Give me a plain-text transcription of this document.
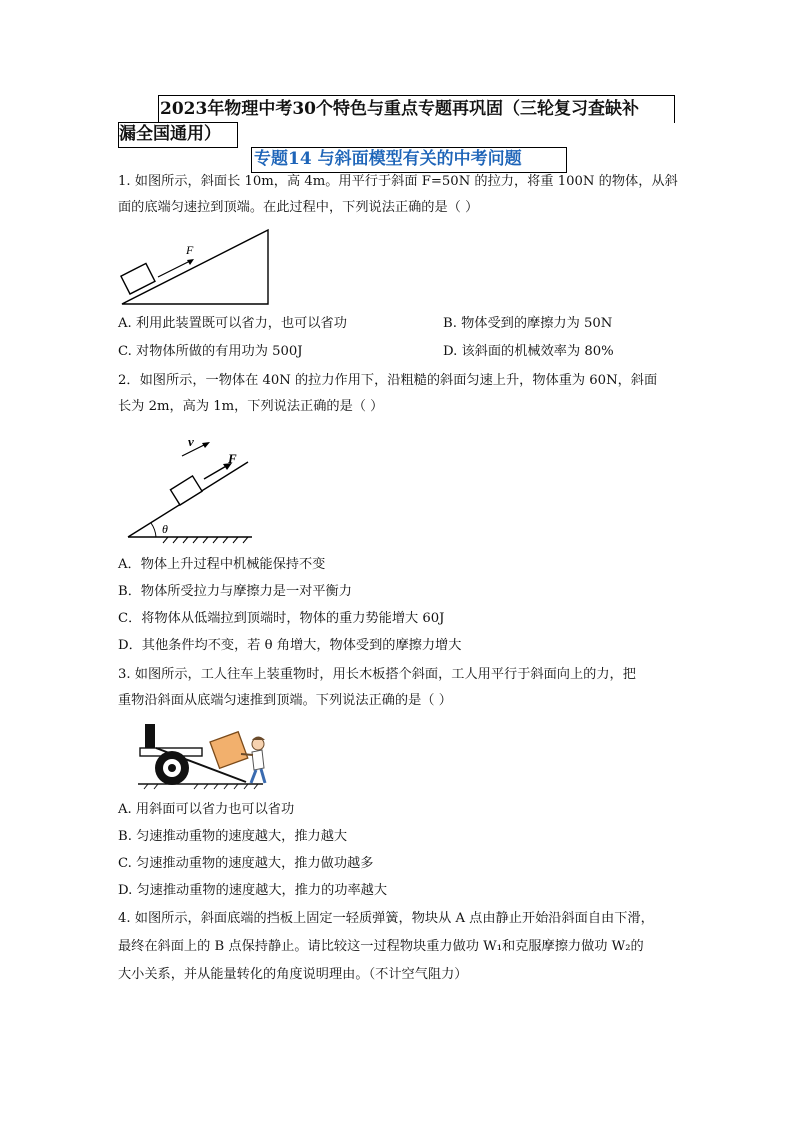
2023年物理中考30个特色与重点专题再巩固（三轮复习查缺补
漏全国通用）
专题14 与斜面模型有关的中考问题
1. 如图所示，斜面长 10m，高 4m。用平行于斜面 F=50N 的拉力，将重 100N 的物体，从斜
面的底端匀速拉到顶端。在此过程中，下列说法正确的是（ ）
F
A. 利用此装置既可以省力，也可以省功	B. 物体受到的摩擦力为 50N
C. 对物体所做的有用功为 500J	D. 该斜面的机械效率为 80%
2．如图所示，一物体在 40N 的拉力作用下，沿粗糙的斜面匀速上升，物体重为 60N，斜面
长为 2m，高为 1m，下列说法正确的是（ ）
θ
F
v
A．物体上升过程中机械能保持不变
B．物体所受拉力与摩擦力是一对平衡力
C．将物体从低端拉到顶端时，物体的重力势能增大 60J
D．其他条件均不变，若 θ 角增大，物体受到的摩擦力增大
3. 如图所示，工人往车上装重物时，用长木板搭个斜面，工人用平行于斜面向上的力，把
重物沿斜面从底端匀速推到顶端。下列说法正确的是（ ）
A. 用斜面可以省力也可以省功
B. 匀速推动重物的速度越大，推力越大
C. 匀速推动重物的速度越大，推力做功越多
D. 匀速推动重物的速度越大，推力的功率越大
4. 如图所示，斜面底端的挡板上固定一轻质弹簧，物块从 A 点由静止开始沿斜面自由下滑，
最终在斜面上的 B 点保持静止。请比较这一过程物块重力做功 W₁和克服摩擦力做功 W₂的
大小关系，并从能量转化的角度说明理由。（不计空气阻力）
